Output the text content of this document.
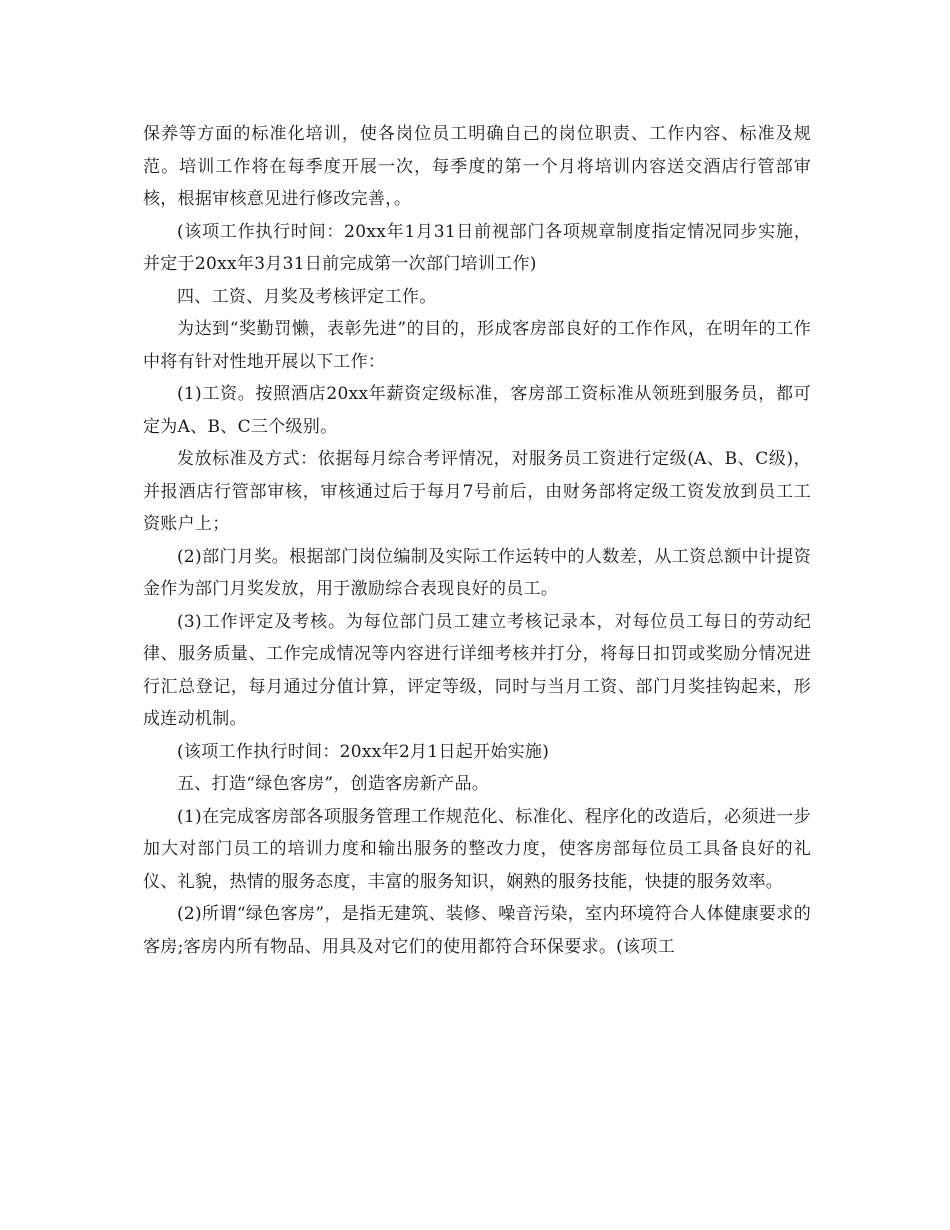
保养等方面的标准化培训，使各岗位员工明确自己的岗位职责、工作内容、标准及规范。培训工作将在每季度开展一次，每季度的第一个月将培训内容送交酒店行管部审核，根据审核意见进行修改完善，。

(该项工作执行时间：20xx年1月31日前视部门各项规章制度指定情况同步实施，并定于20xx年3月31日前完成第一次部门培训工作)

四、工资、月奖及考核评定工作。

为达到“奖勤罚懒，表彰先进”的目的，形成客房部良好的工作作风，在明年的工作中将有针对性地开展以下工作：

(1)工资。按照酒店20xx年薪资定级标准，客房部工资标准从领班到服务员，都可定为A、B、C三个级别。

发放标准及方式：依据每月综合考评情况，对服务员工资进行定级(A、B、C级)，并报酒店行管部审核，审核通过后于每月7号前后，由财务部将定级工资发放到员工工资账户上；

(2)部门月奖。根据部门岗位编制及实际工作运转中的人数差，从工资总额中计提资金作为部门月奖发放，用于激励综合表现良好的员工。

(3)工作评定及考核。为每位部门员工建立考核记录本，对每位员工每日的劳动纪律、服务质量、工作完成情况等内容进行详细考核并打分，将每日扣罚或奖励分情况进行汇总登记，每月通过分值计算，评定等级，同时与当月工资、部门月奖挂钩起来，形成连动机制。

(该项工作执行时间：20xx年2月1日起开始实施)

五、打造“绿色客房”，创造客房新产品。

(1)在完成客房部各项服务管理工作规范化、标准化、程序化的改造后，必须进一步加大对部门员工的培训力度和输出服务的整改力度，使客房部每位员工具备良好的礼仪、礼貌，热情的服务态度，丰富的服务知识，娴熟的服务技能，快捷的服务效率。

(2)所谓“绿色客房”，是指无建筑、装修、噪音污染，室内环境符合人体健康要求的客房;客房内所有物品、用具及对它们的使用都符合环保要求。(该项工
